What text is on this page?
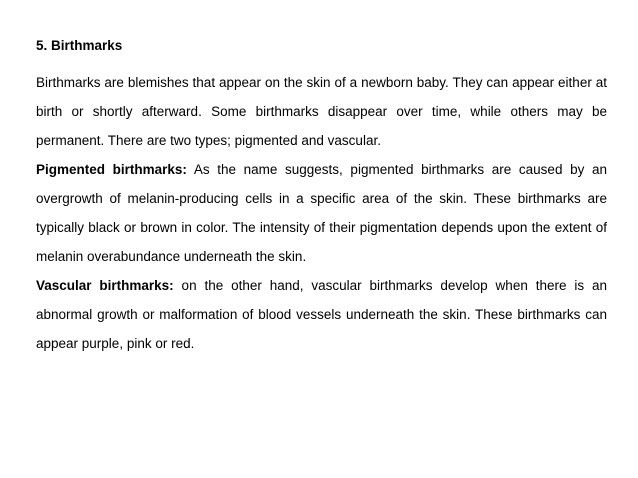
5. Birthmarks

Birthmarks are blemishes that appear on the skin of a newborn baby. They can appear either at birth or shortly afterward. Some birthmarks disappear over time, while others may be permanent. There are two types; pigmented and vascular.

Pigmented birthmarks: As the name suggests, pigmented birthmarks are caused by an overgrowth of melanin-producing cells in a specific area of the skin. These birthmarks are typically black or brown in color. The intensity of their pigmentation depends upon the extent of melanin overabundance underneath the skin.

Vascular birthmarks: on the other hand, vascular birthmarks develop when there is an abnormal growth or malformation of blood vessels underneath the skin. These birthmarks can appear purple, pink or red.
